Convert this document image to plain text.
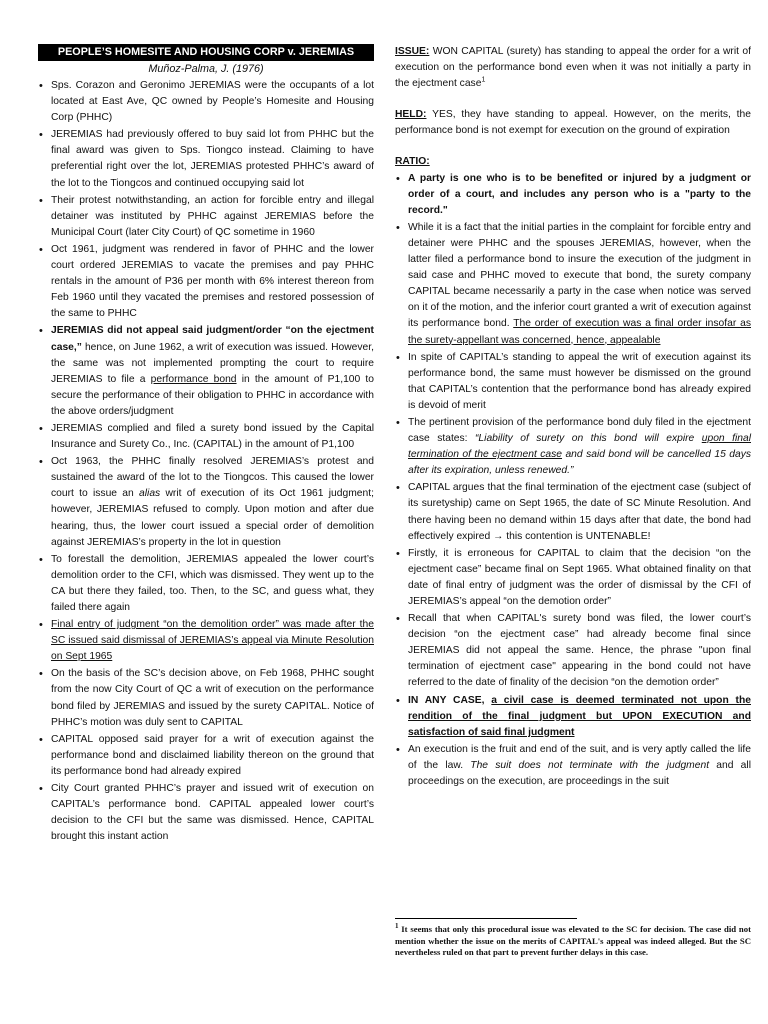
PEOPLE’S HOMESITE AND HOUSING CORP v. JEREMIAS
Muñoz-Palma, J. (1976)
• Sps. Corazon and Geronimo JEREMIAS were the occupants of a lot located at East Ave, QC owned by People’s Homesite and Housing Corp (PHHC)
• JEREMIAS had previously offered to buy said lot from PHHC but the final award was given to Sps. Tiongco instead. Claiming to have preferential right over the lot, JEREMIAS protested PHHC’s award of the lot to the Tiongcos and continued occupying said lot
• Their protest notwithstanding, an action for forcible entry and illegal detainer was instituted by PHHC against JEREMIAS before the Municipal Court (later City Court) of QC sometime in 1960
• Oct 1961, judgment was rendered in favor of PHHC and the lower court ordered JEREMIAS to vacate the premises and pay PHHC rentals in the amount of P36 per month with 6% interest thereon from Feb 1960 until they vacated the premises and restored possession of the same to PHHC
• JEREMIAS did not appeal said judgment/order “on the ejectment case,” hence, on June 1962, a writ of execution was issued. However, the same was not implemented prompting the court to require JEREMIAS to file a performance bond in the amount of P1,100 to secure the performance of their obligation to PHHC in accordance with the above orders/judgment
• JEREMIAS complied and filed a surety bond issued by the Capital Insurance and Surety Co., Inc. (CAPITAL) in the amount of P1,100
• Oct 1963, the PHHC finally resolved JEREMIAS’s protest and sustained the award of the lot to the Tiongcos. This caused the lower court to issue an alias writ of execution of its Oct 1961 judgment; however, JEREMIAS refused to comply. Upon motion and after due hearing, thus, the lower court issued a special order of demolition against JEREMIAS’s property in the lot in question
• To forestall the demolition, JEREMIAS appealed the lower court’s demolition order to the CFI, which was dismissed. They went up to the CA but there they failed, too. Then, to the SC, and guess what, they failed there again
• Final entry of judgment “on the demolition order” was made after the SC issued said dismissal of JEREMIAS’s appeal via Minute Resolution on Sept 1965
• On the basis of the SC’s decision above, on Feb 1968, PHHC sought from the now City Court of QC a writ of execution on the performance bond filed by JEREMIAS and issued by the surety CAPITAL. Notice of PHHC’s motion was duly sent to CAPITAL
• CAPITAL opposed said prayer for a writ of execution against the performance bond and disclaimed liability thereon on the ground that its performance bond had already expired
• City Court granted PHHC’s prayer and issued writ of execution on CAPITAL’s performance bond. CAPITAL appealed lower court’s decision to the CFI but the same was dismissed. Hence, CAPITAL brought this instant action
ISSUE: WON CAPITAL (surety) has standing to appeal the order for a writ of execution on the performance bond even when it was not initially a party in the ejectment case$^1$
HELD: YES, they have standing to appeal. However, on the merits, the performance bond is not exempt for execution on the ground of expiration
RATIO:
• A party is one who is to be benefited or injured by a judgment or order of a court, and includes any person who is a "party to the record."
• While it is a fact that the initial parties in the complaint for forcible entry and detainer were PHHC and the spouses JEREMIAS, however, when the latter filed a performance bond to insure the execution of the judgment in said case and PHHC moved to execute that bond, the surety company CAPITAL became necessarily a party in the case when notice was served on it of the motion, and the inferior court granted a writ of execution against its performance bond. The order of execution was a final order insofar as the surety-appellant was concerned, hence, appealable
• In spite of CAPITAL’s standing to appeal the writ of execution against its performance bond, the same must however be dismissed on the ground that CAPITAL’s contention that the performance bond has already expired is devoid of merit
• The pertinent provision of the performance bond duly filed in the ejectment case states: “Liability of surety on this bond will expire upon final termination of the ejectment case and said bond will be cancelled 15 days after its expiration, unless renewed.”
• CAPITAL argues that the final termination of the ejectment case (subject of its suretyship) came on Sept 1965, the date of SC Minute Resolution. And there having been no demand within 15 days after that date, the bond had effectively expired → this contention is UNTENABLE!
• Firstly, it is erroneous for CAPITAL to claim that the decision “on the ejectment case” became final on Sept 1965. What obtained finality on that date of final entry of judgment was the order of dismissal by the CFI of JEREMIAS’s appeal “on the demotion order”
• Recall that when CAPITAL's surety bond was filed, the lower court’s decision “on the ejectment case” had already become final since JEREMIAS did not appeal the same. Hence, the phrase "upon final termination of ejectment case" appearing in the bond could not have referred to the date of finality of the decision “on the demotion order”
• IN ANY CASE, a civil case is deemed terminated not upon the rendition of the final judgment but UPON EXECUTION and satisfaction of said final judgment
• An execution is the fruit and end of the suit, and is very aptly called the life of the law. The suit does not terminate with the judgment and all proceedings on the execution, are proceedings in the suit
$^1$ It seems that only this procedural issue was elevated to the SC for decision. The case did not mention whether the issue on the merits of CAPITAL's appeal was indeed alleged. But the SC nevertheless ruled on that part to prevent further delays in this case.
